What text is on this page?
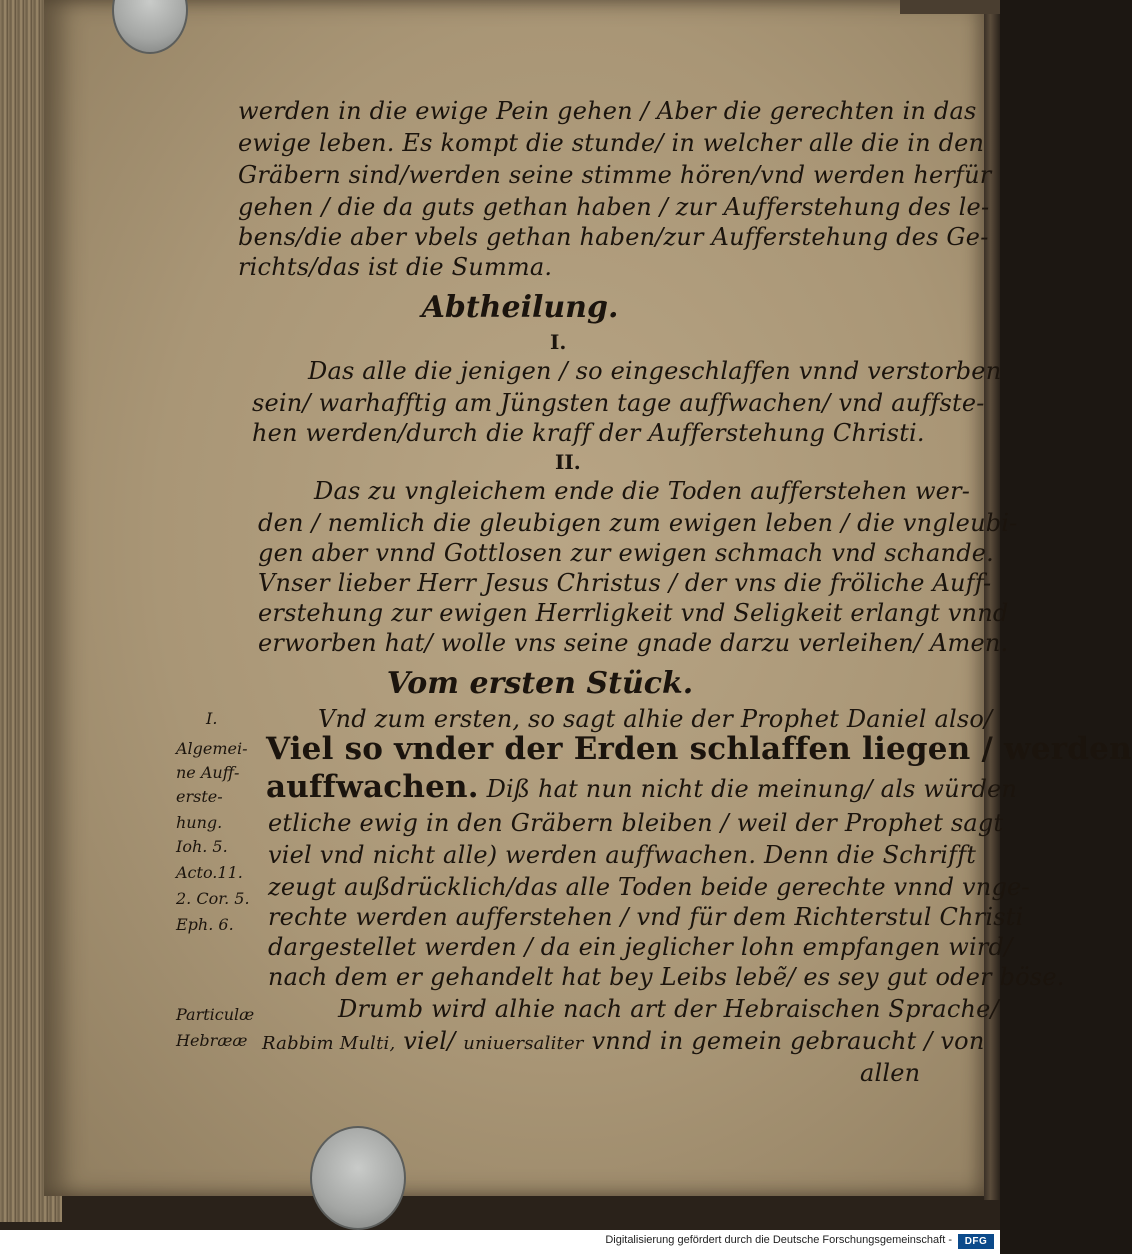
werden in die ewige Pein gehen / Aber die gerechten in das
ewige leben. Es kompt die stunde/ in welcher alle die in den
Gräbern sind/werden seine stimme hören/vnd werden herfür
gehen / die da guts gethan haben / zur Aufferstehung des le-
bens/die aber vbels gethan haben/zur Aufferstehung des Ge-
richts/das ist die Summa.
Abtheilung.
I.
Das alle die jenigen / so eingeschlaffen vnnd verstorben
sein/ warhafftig am Jüngsten tage auffwachen/ vnd auffste-
hen werden/durch die kraff der Aufferstehung Christi.
II.
Das zu vngleichem ende die Toden aufferstehen wer-
den / nemlich die gleubigen zum ewigen leben / die vngleubi-
gen aber vnnd Gottlosen zur ewigen schmach vnd schande.
Vnser lieber Herr Jesus Christus / der vns die fröliche Auff-
erstehung zur ewigen Herrligkeit vnd Seligkeit erlangt vnnd
erworben hat/ wolle vns seine gnade darzu verleihen/ Amen.
Vom ersten Stück.
Vnd zum ersten, so sagt alhie der Prophet Daniel also/
Viel so vnder der Erden schlaffen liegen / werden
auffwachen. Diß hat nun nicht die meinung/ als würden
etliche ewig in den Gräbern bleiben / weil der Prophet sagt
viel vnd nicht alle) werden auffwachen. Denn die Schrifft
zeugt außdrücklich/das alle Toden beide gerechte vnnd vnge-
rechte werden aufferstehen / vnd für dem Richterstul Christi
dargestellet werden / da ein jeglicher lohn empfangen wird/
nach dem er gehandelt hat bey Leibs lebẽ/ es sey gut oder böse.
Drumb wird alhie nach art der Hebraischen Sprache/
Rabbim Multi, viel/ uniuersaliter vnnd in gemein gebraucht / von
allen
I.
Algemei-
ne Auff-
erste-
hung.
Ioh. 5.
Acto.11.
2. Cor. 5.
Eph. 6.
Particulæ
Hebrææ
Digitalisierung gefördert durch die Deutsche Forschungsgemeinschaft -	DFG
